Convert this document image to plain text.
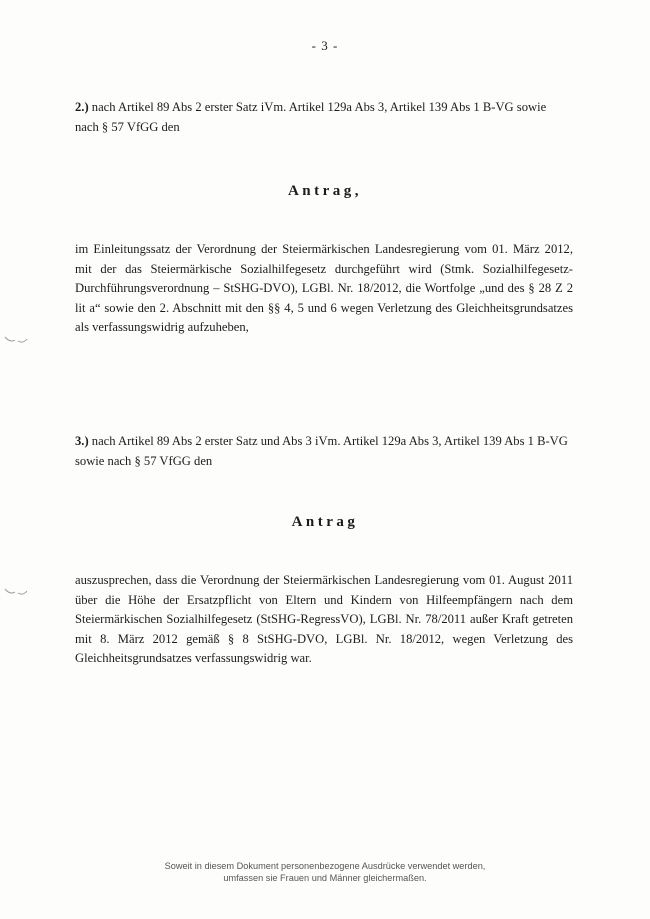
- 3 -

2.) nach Artikel 89 Abs 2 erster Satz iVm. Artikel 129a Abs 3, Artikel 139 Abs 1 B-VG sowie nach § 57 VfGG den

Antrag,

im Einleitungssatz der Verordnung der Steiermärkischen Landesregierung vom 01. März 2012, mit der das Steiermärkische Sozialhilfegesetz durchgeführt wird (Stmk. Sozialhilfegesetz-Durchführungsverordnung – StSHG-DVO), LGBl. Nr. 18/2012, die Wortfolge „und des § 28 Z 2 lit a“ sowie den 2. Abschnitt mit den §§ 4, 5 und 6 wegen Verletzung des Gleichheitsgrundsatzes als verfassungswidrig aufzuheben,

3.) nach Artikel 89 Abs 2 erster Satz und Abs 3 iVm. Artikel 129a Abs 3, Artikel 139 Abs 1 B-VG sowie nach § 57 VfGG den

Antrag

auszusprechen, dass die Verordnung der Steiermärkischen Landesregierung vom 01. August 2011 über die Höhe der Ersatzpflicht von Eltern und Kindern von Hilfeempfängern nach dem Steiermärkischen Sozialhilfegesetz (StSHG-RegressVO), LGBl. Nr. 78/2011 außer Kraft getreten mit 8. März 2012 gemäß § 8 StSHG-DVO, LGBl. Nr. 18/2012, wegen Verletzung des Gleichheitsgrundsatzes verfassungswidrig war.

Soweit in diesem Dokument personenbezogene Ausdrücke verwendet werden,
umfassen sie Frauen und Männer gleichermaßen.
